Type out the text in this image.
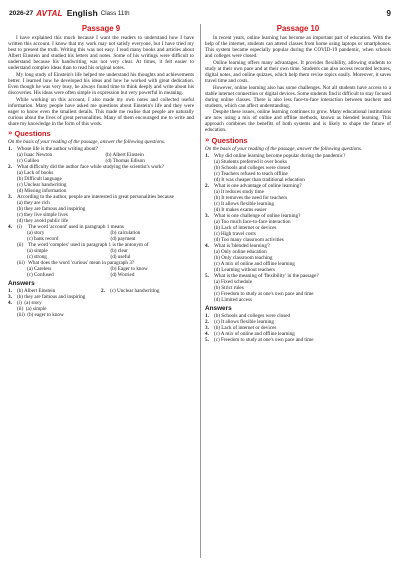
2026-27 AVTAL English Class 11th	9
Passage 9

I have explained this much because I want the readers to understand how I have written this account. I know that my work may not satisfy everyone, but I have tried my best to present the truth. Writing this was not easy. I read many books and articles about Albert Einstein and studied his letters and notes. Some of his writings were difficult to understand because his handwriting was not very clear. At times, it felt easier to understand complex ideas than to read his original notes.

My long study of Einstein's life helped me understand his thoughts and achievements better. I learned how he developed his ideas and how he worked with great dedication. Even though he was very busy, he always found time to think deeply and write about his discoveries. His ideas were often simple in expression but very powerful in meaning.

While working on this account, I also made my own notes and collected useful information. Many people have asked me questions about Einstein's life and they were eager to know even the smallest details. This made me realise that people are naturally curious about the lives of great personalities. Many of them encouraged me to write and share my knowledge in the form of this work.

» Questions
On the basis of your reading of the passage, answer the following questions.
1. Whose life is the author writing about?
(a) Isaac Newton	(b) Albert Einstein
(c) Galileo	(d) Thomas Edison
2. What difficulty did the author face while studying the scientist's work?
(a) Lack of books
(b) Difficult language
(c) Unclear handwriting
(d) Missing information
3. According to the author, people are interested in great personalities because
(a) they are rich
(b) they are famous and inspiring
(c) they live simple lives
(d) they avoid public life
4. (i)	The word 'account' used in paragraph 1 means
(a) story	(b) calculation
(c) bank record	(d) payment
(ii) The word 'complex' used in paragraph 1 is the antonym of
(a) simple	(b) clear
(c) strong	(d) useful
(iii) What does the word 'curious' mean in paragraph 3?
(a) Careless	(b) Eager to know
(c) Confused	(d) Worried
Answers
1. (b) Albert Einstein	2. (c) Unclear handwriting
3. (b) they are famous and inspiring
4. (i)  (a) story
(ii)  (a) simple
(iii)  (b) eager to know
Passage 10

In recent years, online learning has become an important part of education. With the help of the internet, students can attend classes from home using laptops or smartphones. This system became especially popular during the COVID-19 pandemic, when schools and colleges were closed.

Online learning offers many advantages. It provides flexibility, allowing students to study at their own pace and at their own time. Students can also access recorded lectures, digital notes, and online quizzes, which help them revise topics easily. Moreover, it saves travel time and costs.

However, online learning also has some challenges. Not all students have access to a stable internet connection or digital devices. Some students find it difficult to stay focused during online classes. There is also less face-to-face interaction between teachers and students, which can affect understanding.

Despite these issues, online learning continues to grow. Many educational institutions are now using a mix of online and offline methods, known as blended learning. This approach combines the benefits of both systems and is likely to shape the future of education.

» Questions
On the basis of your reading of the passage, answer the following questions.
1. Why did online learning become popular during the pandemic?
(a) Students preferred it over books
(b) Schools and colleges were closed
(c) Teachers refused to teach offline
(d) It was cheaper than traditional education
2. What is one advantage of online learning?
(a) It reduces study time
(b) It removes the need for teachers
(c) It allows flexible learning
(d) It makes exams easier
3. What is one challenge of online learning?
(a) Too much face-to-face interaction
(b) Lack of internet or devices
(c) High travel costs
(d) Too many classroom activities
4. What is 'blended learning'?
(a) Only online education
(b) Only classroom teaching
(c) A mix of online and offline learning
(d) Learning without teachers
5. What is the meaning of 'flexibility' in the passage?
(a) Fixed schedule
(b) Strict rules
(c) Freedom to study at one's own pace and time
(d) Limited access
Answers
1. (b) Schools and colleges were closed
2. (c) It allows flexible learning
3. (b) Lack of internet or devices
4. (c) A mix of online and offline learning
5. (c) Freedom to study at one's own pace and time
